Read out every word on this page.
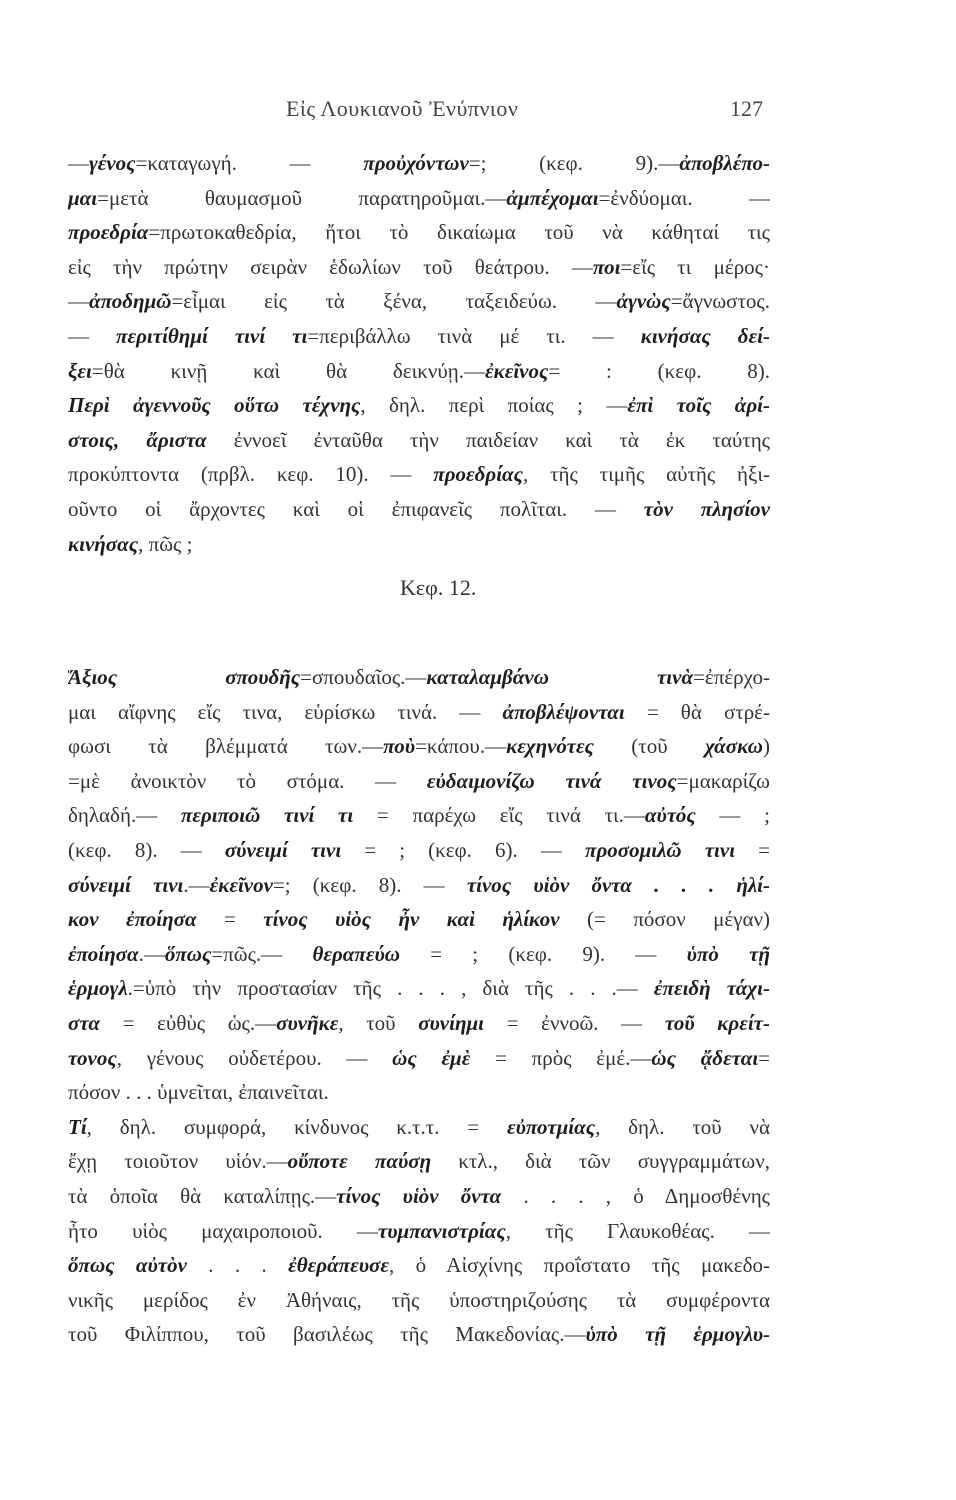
Εἰς Λουκιανοῦ Ἐνύπνιον	127
—γένος=καταγωγή. — προὐχόντων=; (κεφ. 9).—ἀποβλέπο-
μαι=μετὰ θαυμασμοῦ παρατηροῦμαι.—ἀμπέχομαι=ἐνδύομαι. —
προεδρία=πρωτοκαθεδρία, ἤτοι τὸ δικαίωμα τοῦ νὰ κάθηταί τις
εἰς τὴν πρώτην σειρὰν ἑδωλίων τοῦ θεάτρου. —ποι=εἴς τι μέρος·
—ἀποδημῶ=εἶμαι εἰς τὰ ξένα, ταξειδεύω. —ἀγνὼς=ἄγνωστος.
— περιτίθημί τινί τι=περιβάλλω τινὰ μέ τι. — κινήσας δεί-
ξει=θὰ κινῇ καὶ θὰ δεικνύῃ.—ἐκεῖνος= : (κεφ. 8).
Περὶ ἀγεννοῦς οὕτω τέχνης, δηλ. περὶ ποίας ; —ἐπὶ τοῖς ἀρί-
στοις, ἄριστα ἐννοεῖ ἐνταῦθα τὴν παιδείαν καὶ τὰ ἐκ ταύτης
προκύπτοντα (πρβλ. κεφ. 10). — προεδρίας, τῆς τιμῆς αὐτῆς ἠξι-
οῦντο οἱ ἄρχοντες καὶ οἱ ἐπιφανεῖς πολῖται. — τὸν πλησίον
κινήσας, πῶς ;
Κεφ. 12.
Ἄξιος σπουδῆς=σπουδαῖος.—καταλαμβάνω τινὰ=ἐπέρχο-
μαι αἴφνης εἴς τινα, εὑρίσκω τινά. — ἀποβλέψονται = θὰ στρέ-
φωσι τὰ βλέμματά των.—ποὺ=κάπου.—κεχηνότες (τοῦ χάσκω)
=μὲ ἀνοικτὸν τὸ στόμα. — εὐδαιμονίζω τινά τινος=μακαρίζω
δηλαδή.— περιποιῶ τινί τι = παρέχω εἴς τινά τι.—αὐτός — ;
(κεφ. 8). — σύνειμί τινι = ; (κεφ. 6). — προσομιλῶ τινι =
σύνειμί τινι.—ἐκεῖνον=; (κεφ. 8). — τίνος υἱὸν ὄντα . . . ἡλί-
κον ἐποίησα = τίνος υἱὸς ἦν καὶ ἡλίκον (= πόσον μέγαν)
ἐποίησα.—ὅπως=πῶς.— θεραπεύω = ; (κεφ. 9). — ὑπὸ τῇ
ἑρμογλ.=ὑπὸ τὴν προστασίαν τῆς . . . , διὰ τῆς . . .— ἐπειδὴ τάχι-
στα = εὐθὺς ὡς.—συνῆκε, τοῦ συνίημι = ἐννοῶ. — τοῦ κρείτ-
τονος, γένους οὐδετέρου. — ὡς ἐμὲ = πρὸς ἐμέ.—ὡς ᾄδεται=
πόσον . . . ὑμνεῖται, ἐπαινεῖται.
Τί, δηλ. συμφορά, κίνδυνος κ.τ.τ. = εὐποτμίας, δηλ. τοῦ νὰ
ἔχῃ τοιοῦτον υἱόν.—οὔποτε παύσῃ κτλ., διὰ τῶν συγγραμμάτων,
τὰ ὁποῖα θὰ καταλίπῃς.—τίνος υἱὸν ὄντα . . . , ὁ Δημοσθένης
ἦτο υἱὸς μαχαιροποιοῦ. —τυμπανιστρίας, τῆς Γλαυκοθέας. —
ὅπως αὐτὸν . . . ἐθεράπευσε, ὁ Αἰσχίνης προΐστατο τῆς μακεδο-
νικῆς μερίδος ἐν Ἀθήναις, τῆς ὑποστηριζούσης τὰ συμφέροντα
τοῦ Φιλίππου, τοῦ βασιλέως τῆς Μακεδονίας.—ὑπὸ τῇ ἑρμογλυ-
